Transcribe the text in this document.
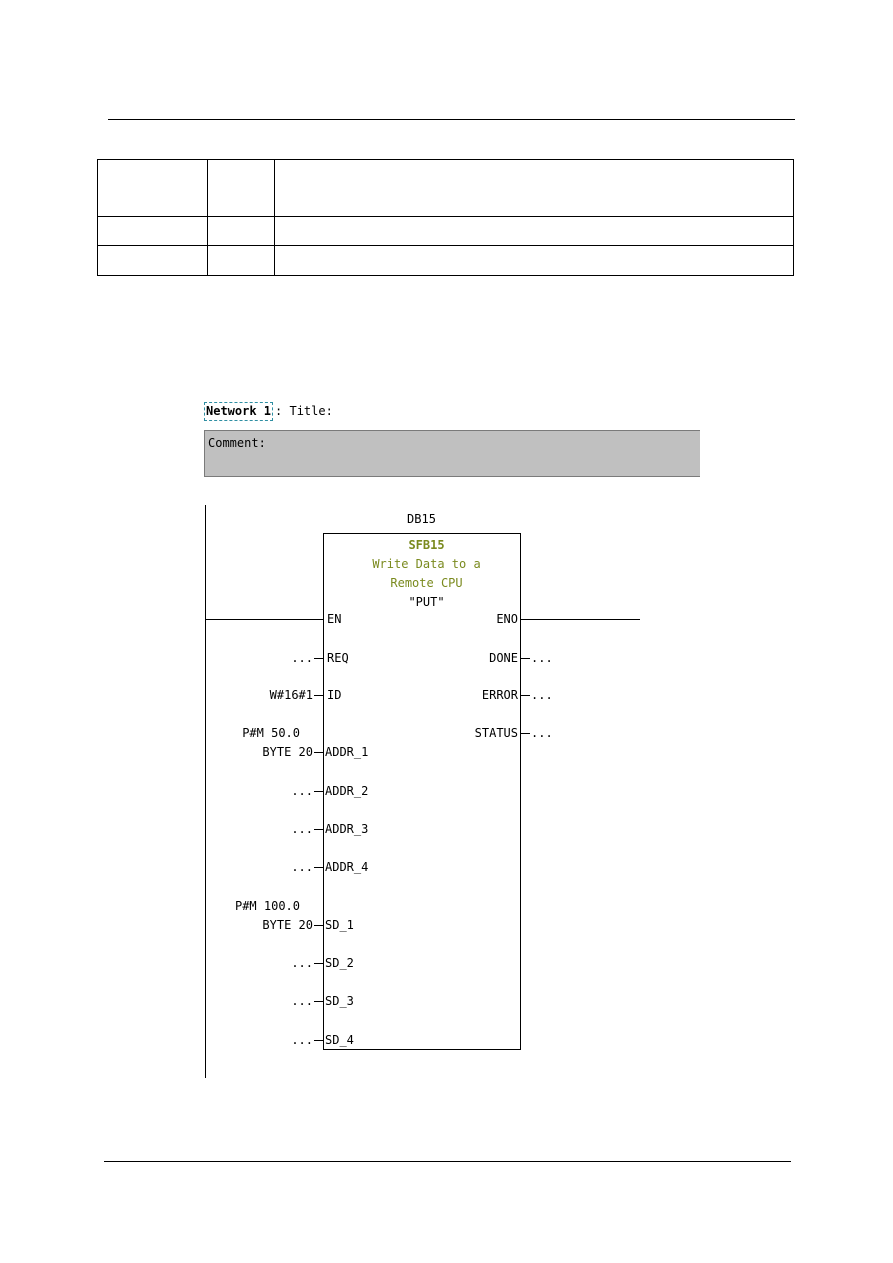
Network 1 : Title:
Comment:
DB15
SFB15
Write Data to a
Remote CPU
"PUT"
EN
REQ
ID
ADDR_1
ADDR_2
ADDR_3
ADDR_4
SD_1
SD_2
SD_3
SD_4
ENO
DONE
ERROR
STATUS
...
W#16#1
P#M 50.0
BYTE 20
...
...
...
P#M 100.0
BYTE 20
...
...
...
...
...
...
